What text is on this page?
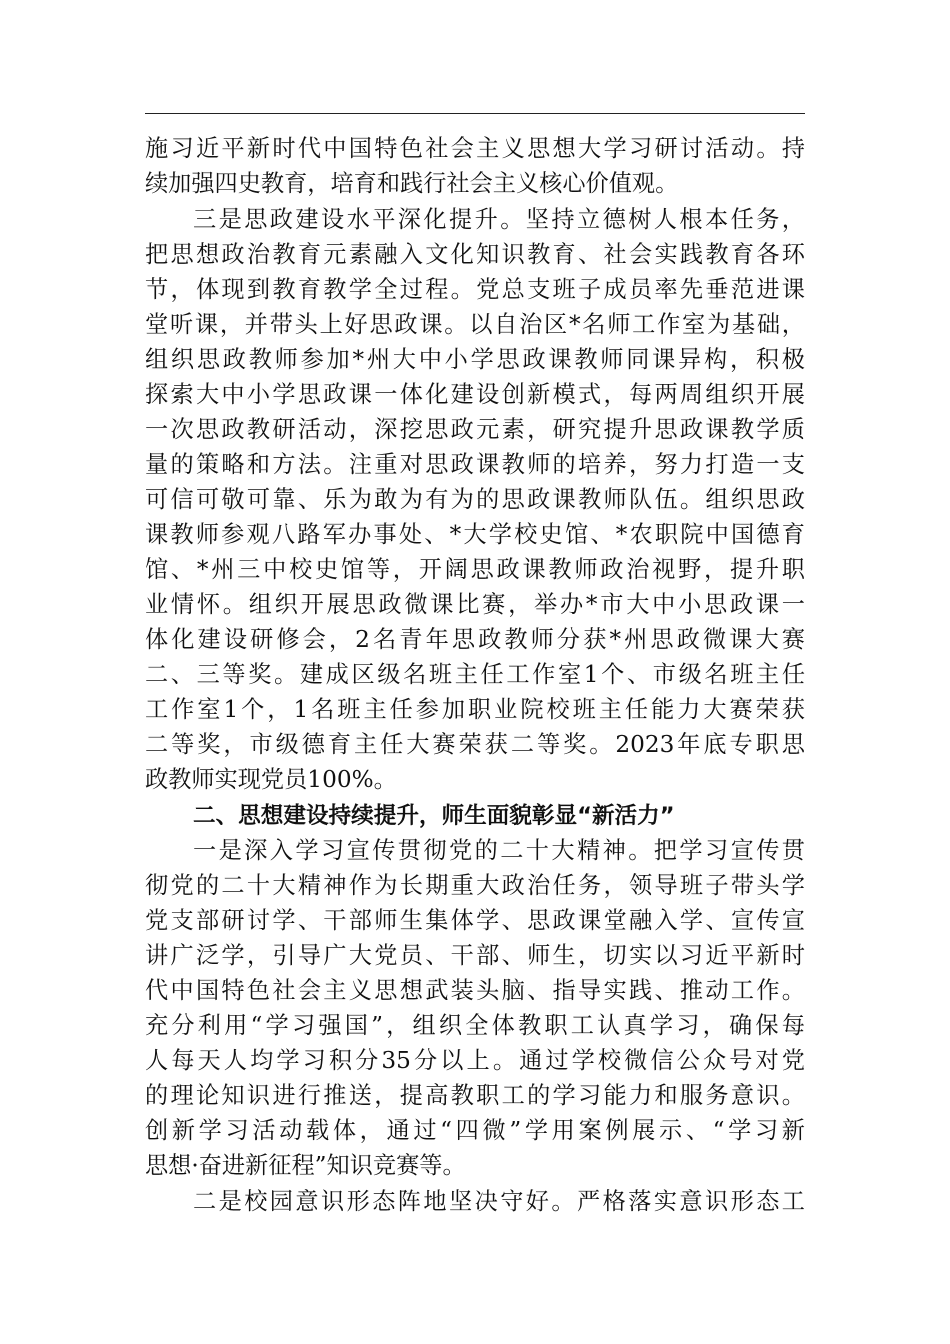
施习近平新时代中国特色社会主义思想大学习研讨活动。持
续加强四史教育，培育和践行社会主义核心价值观。
三是思政建设水平深化提升。坚持立德树人根本任务，
把思想政治教育元素融入文化知识教育、社会实践教育各环
节，体现到教育教学全过程。党总支班子成员率先垂范进课
堂听课，并带头上好思政课。以自治区*名师工作室为基础，
组织思政教师参加*州大中小学思政课教师同课异构，积极
探索大中小学思政课一体化建设创新模式，每两周组织开展
一次思政教研活动，深挖思政元素，研究提升思政课教学质
量的策略和方法。注重对思政课教师的培养，努力打造一支
可信可敬可靠、乐为敢为有为的思政课教师队伍。组织思政
课教师参观八路军办事处、*大学校史馆、*农职院中国德育
馆、*州三中校史馆等，开阔思政课教师政治视野，提升职
业情怀。组织开展思政微课比赛，举办*市大中小思政课一
体化建设研修会，2名青年思政教师分获*州思政微课大赛
二、三等奖。建成区级名班主任工作室1个、市级名班主任
工作室1个，1名班主任参加职业院校班主任能力大赛荣获
二等奖，市级德育主任大赛荣获二等奖。2023年底专职思
政教师实现党员100%。
二、思想建设持续提升，师生面貌彰显“新活力”
一是深入学习宣传贯彻党的二十大精神。把学习宣传贯
彻党的二十大精神作为长期重大政治任务，领导班子带头学
党支部研讨学、干部师生集体学、思政课堂融入学、宣传宣
讲广泛学，引导广大党员、干部、师生，切实以习近平新时
代中国特色社会主义思想武装头脑、指导实践、推动工作。
充分利用“学习强国”，组织全体教职工认真学习，确保每
人每天人均学习积分35分以上。通过学校微信公众号对党
的理论知识进行推送，提高教职工的学习能力和服务意识。
创新学习活动载体，通过“四微”学用案例展示、“学习新
思想·奋进新征程”知识竞赛等。
二是校园意识形态阵地坚决守好。严格落实意识形态工
